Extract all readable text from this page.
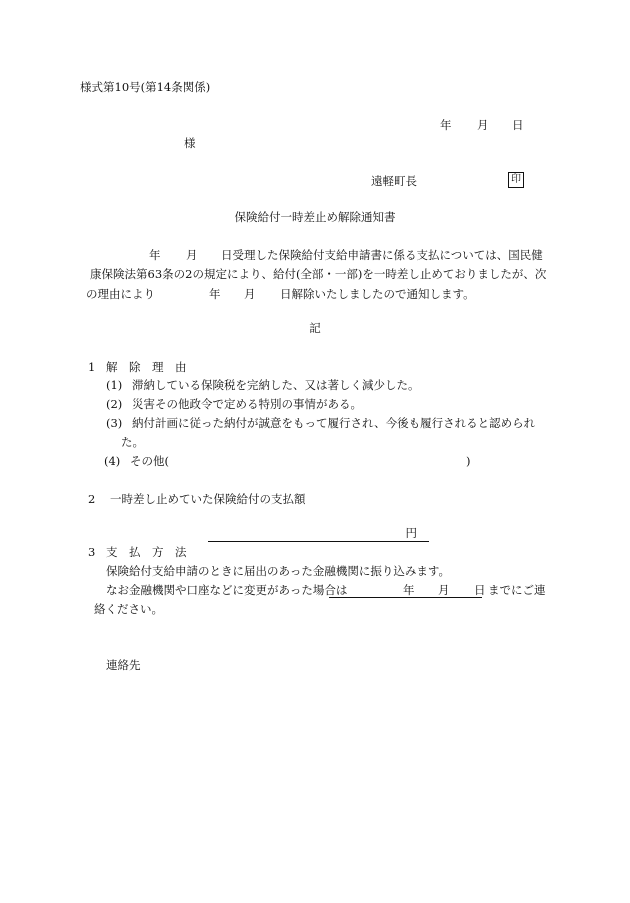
様式第10号(第14条関係)
年 月 日
様
遠軽町長	印
保険給付一時差止め解除通知書
年 月 日受理した保険給付支給申請書に係る支払については、国民健
康保険法第63条の2の規定により、給付(全部・一部)を一時差し止めておりましたが、次
の理由により	年 月 日解除いたしましたので通知します。
記
1 解　除　理　由
(1) 滞納している保険税を完納した、又は著しく減少した。
(2) 災害その他政令で定める特別の事情がある。
(3) 納付計画に従った納付が誠意をもって履行され、今後も履行されると認められ
た。
(4) その他(	)
2 一時差し止めていた保険給付の支払額
円
3 支　払　方　法
保険給付支給申請のときに届出のあった金融機関に振り込みます。
なお金融機関や口座などに変更があった場合は	年 月 日 までにご連
絡ください。
連絡先
